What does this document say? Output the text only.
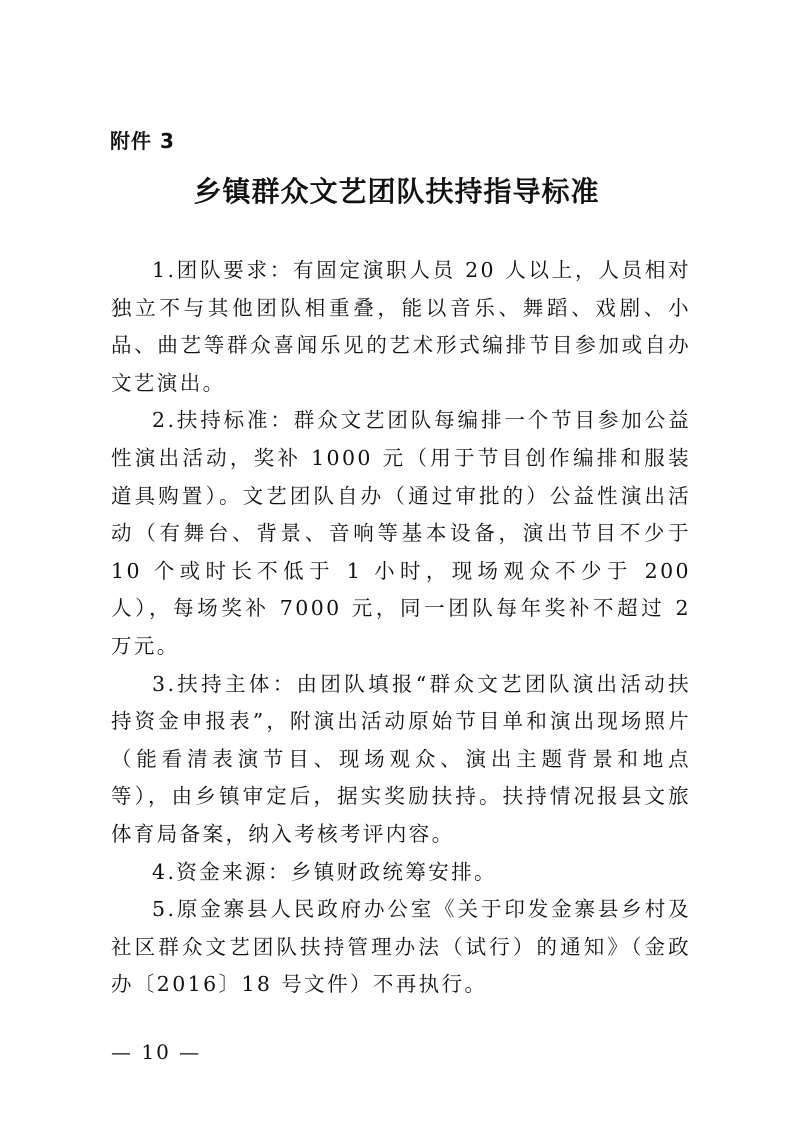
附件 3
乡镇群众文艺团队扶持指导标准

1.团队要求：有固定演职人员 20 人以上，人员相对独立不与其他团队相重叠，能以音乐、舞蹈、戏剧、小品、曲艺等群众喜闻乐见的艺术形式编排节目参加或自办文艺演出。

2.扶持标准：群众文艺团队每编排一个节目参加公益性演出活动，奖补 1000 元（用于节目创作编排和服装道具购置）。文艺团队自办（通过审批的）公益性演出活动（有舞台、背景、音响等基本设备，演出节目不少于 10 个或时长不低于 1 小时，现场观众不少于 200 人），每场奖补 7000 元，同一团队每年奖补不超过 2 万元。

3.扶持主体：由团队填报“群众文艺团队演出活动扶持资金申报表”，附演出活动原始节目单和演出现场照片（能看清表演节目、现场观众、演出主题背景和地点等），由乡镇审定后，据实奖励扶持。扶持情况报县文旅体育局备案，纳入考核考评内容。

4.资金来源：乡镇财政统筹安排。

5.原金寨县人民政府办公室《关于印发金寨县乡村及社区群众文艺团队扶持管理办法（试行）的通知》（金政办〔2016〕18 号文件）不再执行。

— 10 —
